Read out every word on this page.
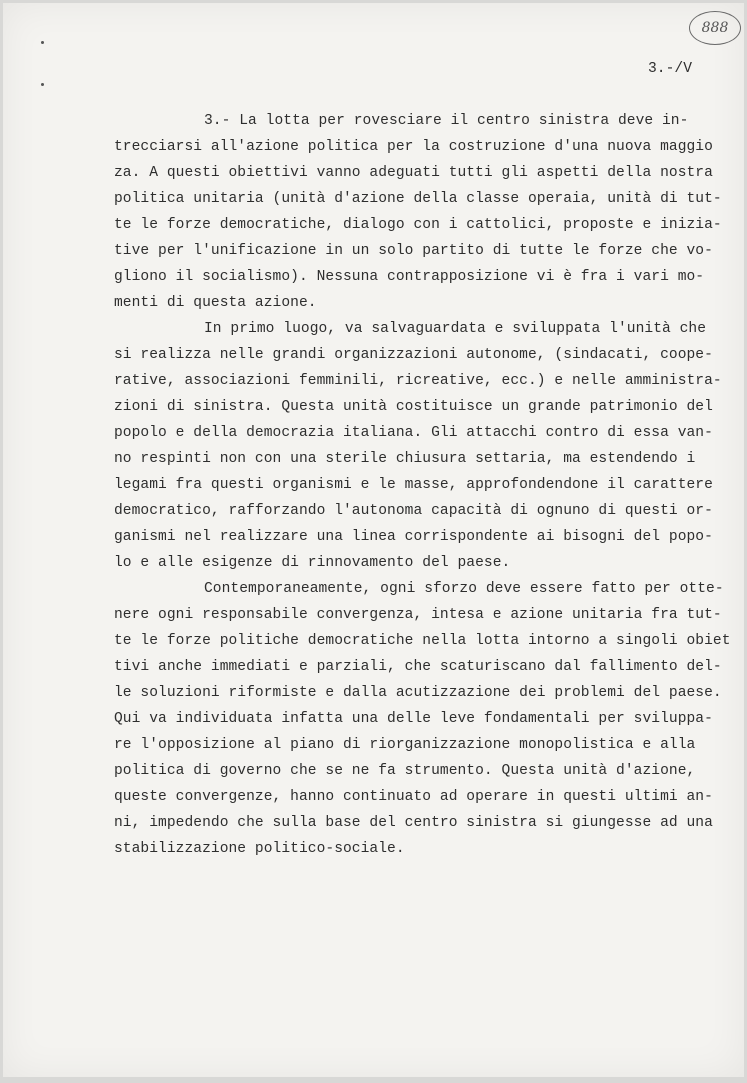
888
3.-/V
3.- La lotta per rovesciare il centro sinistra deve in-
trecciarsi all'azione politica per la costruzione d'una nuova maggio
za. A questi obiettivi vanno adeguati tutti gli aspetti della nostra
politica unitaria (unità d'azione della classe operaia, unità di tut-
te le forze democratiche, dialogo con i cattolici, proposte e inizia-
tive per l'unificazione in un solo partito di tutte le forze che vo-
gliono il socialismo). Nessuna contrapposizione vi è fra i vari mo-
menti di questa azione.
In primo luogo, va salvaguardata e sviluppata l'unità che
si realizza nelle grandi organizzazioni autonome, (sindacati, coope-
rative, associazioni femminili, ricreative, ecc.) e nelle amministra-
zioni di sinistra. Questa unità costituisce un grande patrimonio del
popolo e della democrazia italiana. Gli attacchi contro di essa van-
no respinti non con una sterile chiusura settaria, ma estendendo i
legami fra questi organismi e le masse, approfondendone il carattere
democratico, rafforzando l'autonoma capacità di ognuno di questi or-
ganismi nel realizzare una linea corrispondente ai bisogni del popo-
lo e alle esigenze di rinnovamento del paese.
Contemporaneamente, ogni sforzo deve essere fatto per otte-
nere ogni responsabile convergenza, intesa e azione unitaria fra tut-
te le forze politiche democratiche nella lotta intorno a singoli obiet
tivi anche immediati e parziali, che scaturiscano dal fallimento del-
le soluzioni riformiste e dalla acutizzazione dei problemi del paese.
Qui va individuata infatta una delle leve fondamentali per sviluppa-
re l'opposizione al piano di riorganizzazione monopolistica e alla
politica di governo che se ne fa strumento. Questa unità d'azione,
queste convergenze, hanno continuato ad operare in questi ultimi an-
ni, impedendo che sulla base del centro sinistra si giungesse ad una
stabilizzazione politico-sociale.
